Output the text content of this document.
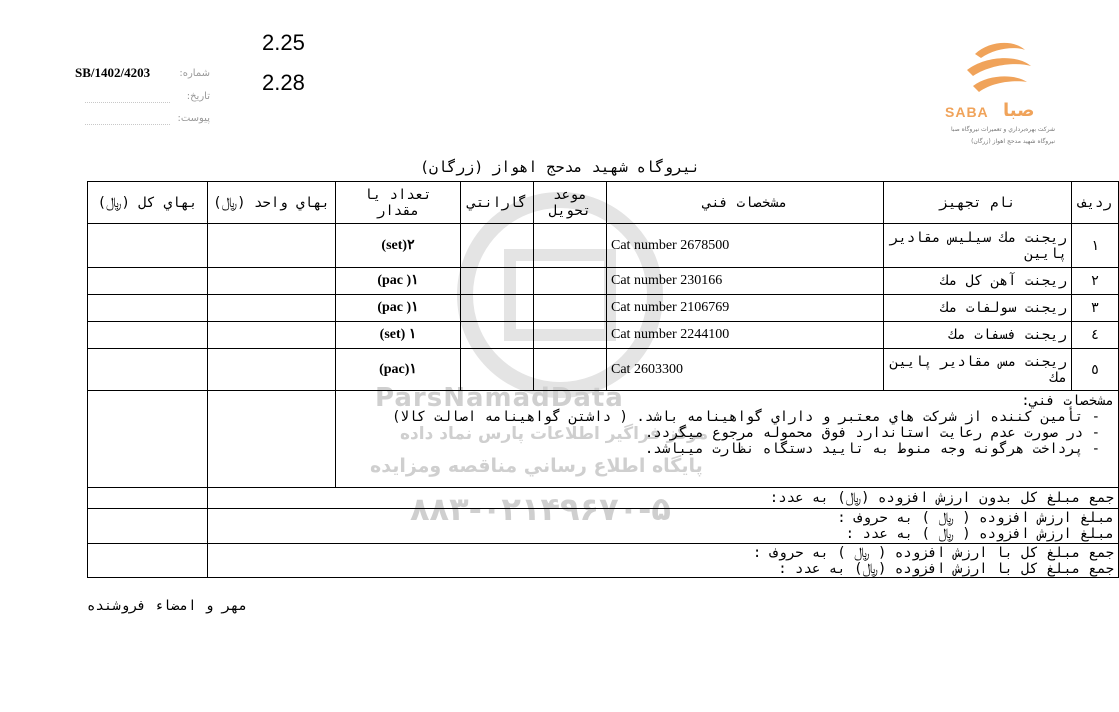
SB/1402/4203	شماره:
تاريخ:
پيوست:
2.25
2.28
SABA صبا
شركت بهره‌برداري و تعميرات نيروگاه صبا
نيروگاه شهيد مدحج اهواز (زرگان)
ParsNamadData
مركز فراگير اطلاعات پارس نماد داده
پايگاه اطلاع رساني مناقصه ومزايده
٠٢١-٨٨٣۴٩۶٧٠-۵
نيروگاه شهيد مدحج اهواز (زرگان)
رديف	نام تجهيز	مشخصات فني	موعد تحويل	گارانتي	تعداد يا مقدار	بهاي واحد (﷼)	بهاي كل (﷼)
١	ريجنت مك سيليس مقادير پايين	Cat number 2678500			٢(set)		
٢	ريجنت آهن كل مك	Cat number 230166			١( pac)		
٣	ريجنت سولفات مك	Cat number 2106769			١( pac)		
٤	ريجنت فسفات مك	Cat number 2244100			١ (set)		
٥	ريجنت مس مقادير پايين مك	Cat 2603300			١(pac)		

مشخصات فني:
- تأمين كننده از شركت هاي معتبر و داراي گواهينامه باشد. ( داشتن گواهينامه اصالت كالا)
- در صورت عدم رعايت استاندارد فوق محموله مرجوع ميگردد.
- پرداخت هرگونه وجه منوط به تاييد دستگاه نظارت ميباشد.							

جمع مبلغ كل بدون ارزش افزوده (﷼) به عدد:							

مبلغ ارزش افزوده ( ﷼ ) به حروف :
مبلغ ارزش افزوده ( ﷼ ) به عدد :							

جمع مبلغ كل با ارزش افزوده ( ﷼ ) به حروف :
جمع مبلغ كل با ارزش افزوده (﷼) به عدد :							

مهر و امضاء فروشنده
